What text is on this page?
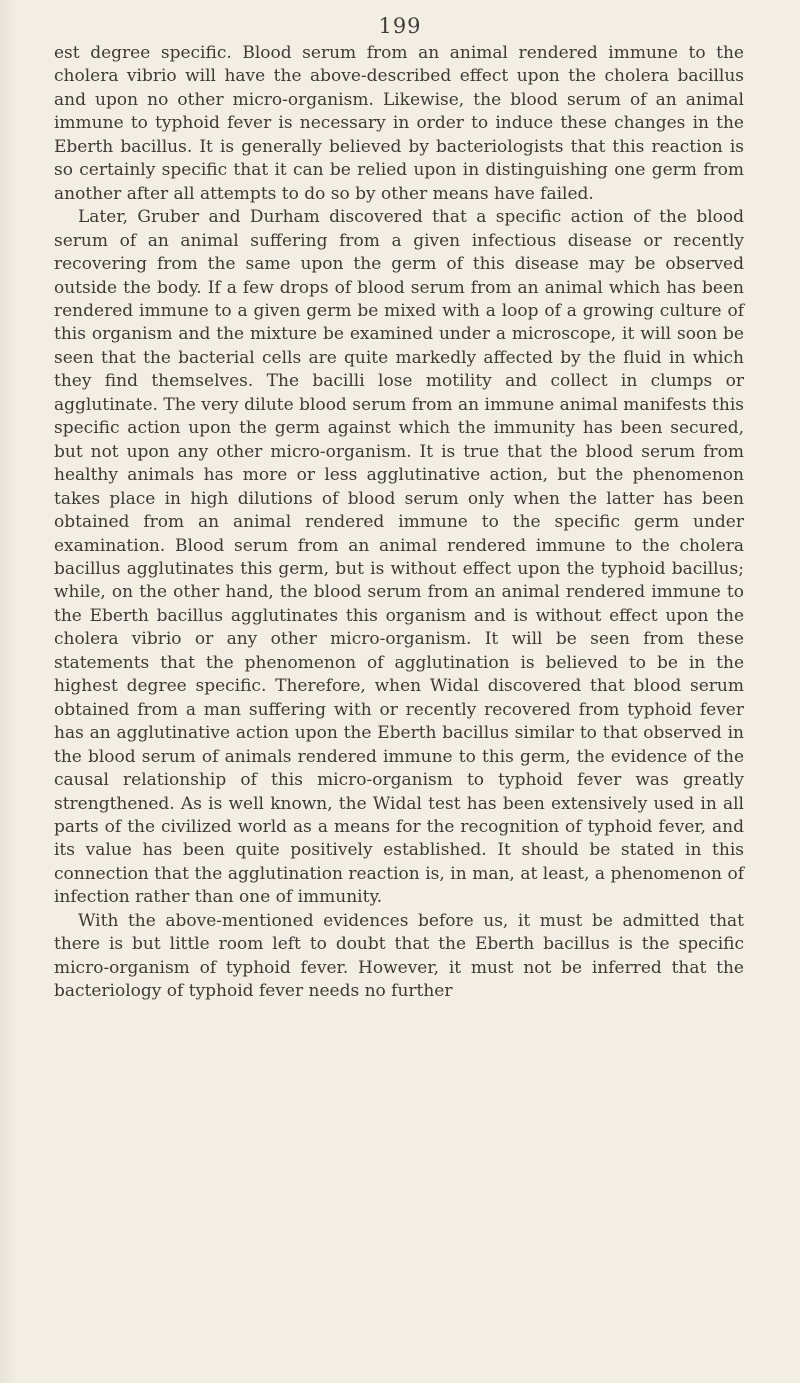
199

est degree specific. Blood serum from an animal rendered immune to the cholera vibrio will have the above-described effect upon the cholera bacillus and upon no other micro-organism. Likewise, the blood serum of an animal immune to typhoid fever is necessary in order to induce these changes in the Eberth bacillus. It is generally believed by bacteriologists that this reaction is so certainly specific that it can be relied upon in distinguishing one germ from another after all attempts to do so by other means have failed.

Later, Gruber and Durham discovered that a specific action of the blood serum of an animal suffering from a given infectious disease or recently recovering from the same upon the germ of this disease may be observed outside the body. If a few drops of blood serum from an animal which has been rendered immune to a given germ be mixed with a loop of a growing culture of this organism and the mixture be examined under a microscope, it will soon be seen that the bacterial cells are quite markedly affected by the fluid in which they find themselves. The bacilli lose motility and collect in clumps or agglutinate. The very dilute blood serum from an immune animal manifests this specific action upon the germ against which the immunity has been secured, but not upon any other micro-organism. It is true that the blood serum from healthy animals has more or less agglutinative action, but the phenomenon takes place in high dilutions of blood serum only when the latter has been obtained from an animal rendered immune to the specific germ under examination. Blood serum from an animal rendered immune to the cholera bacillus agglutinates this germ, but is without effect upon the typhoid bacillus; while, on the other hand, the blood serum from an animal rendered immune to the Eberth bacillus agglutinates this organism and is without effect upon the cholera vibrio or any other micro-organism. It will be seen from these statements that the phenomenon of agglutination is believed to be in the highest degree specific. Therefore, when Widal discovered that blood serum obtained from a man suffering with or recently recovered from typhoid fever has an agglutinative action upon the Eberth bacillus similar to that observed in the blood serum of animals rendered immune to this germ, the evidence of the causal relationship of this micro-organism to typhoid fever was greatly strengthened. As is well known, the Widal test has been extensively used in all parts of the civilized world as a means for the recognition of typhoid fever, and its value has been quite positively established. It should be stated in this connection that the agglutination reaction is, in man, at least, a phenomenon of infection rather than one of immunity.

With the above-mentioned evidences before us, it must be admitted that there is but little room left to doubt that the Eberth bacillus is the specific micro-organism of typhoid fever. However, it must not be inferred that the bacteriology of typhoid fever needs no further
